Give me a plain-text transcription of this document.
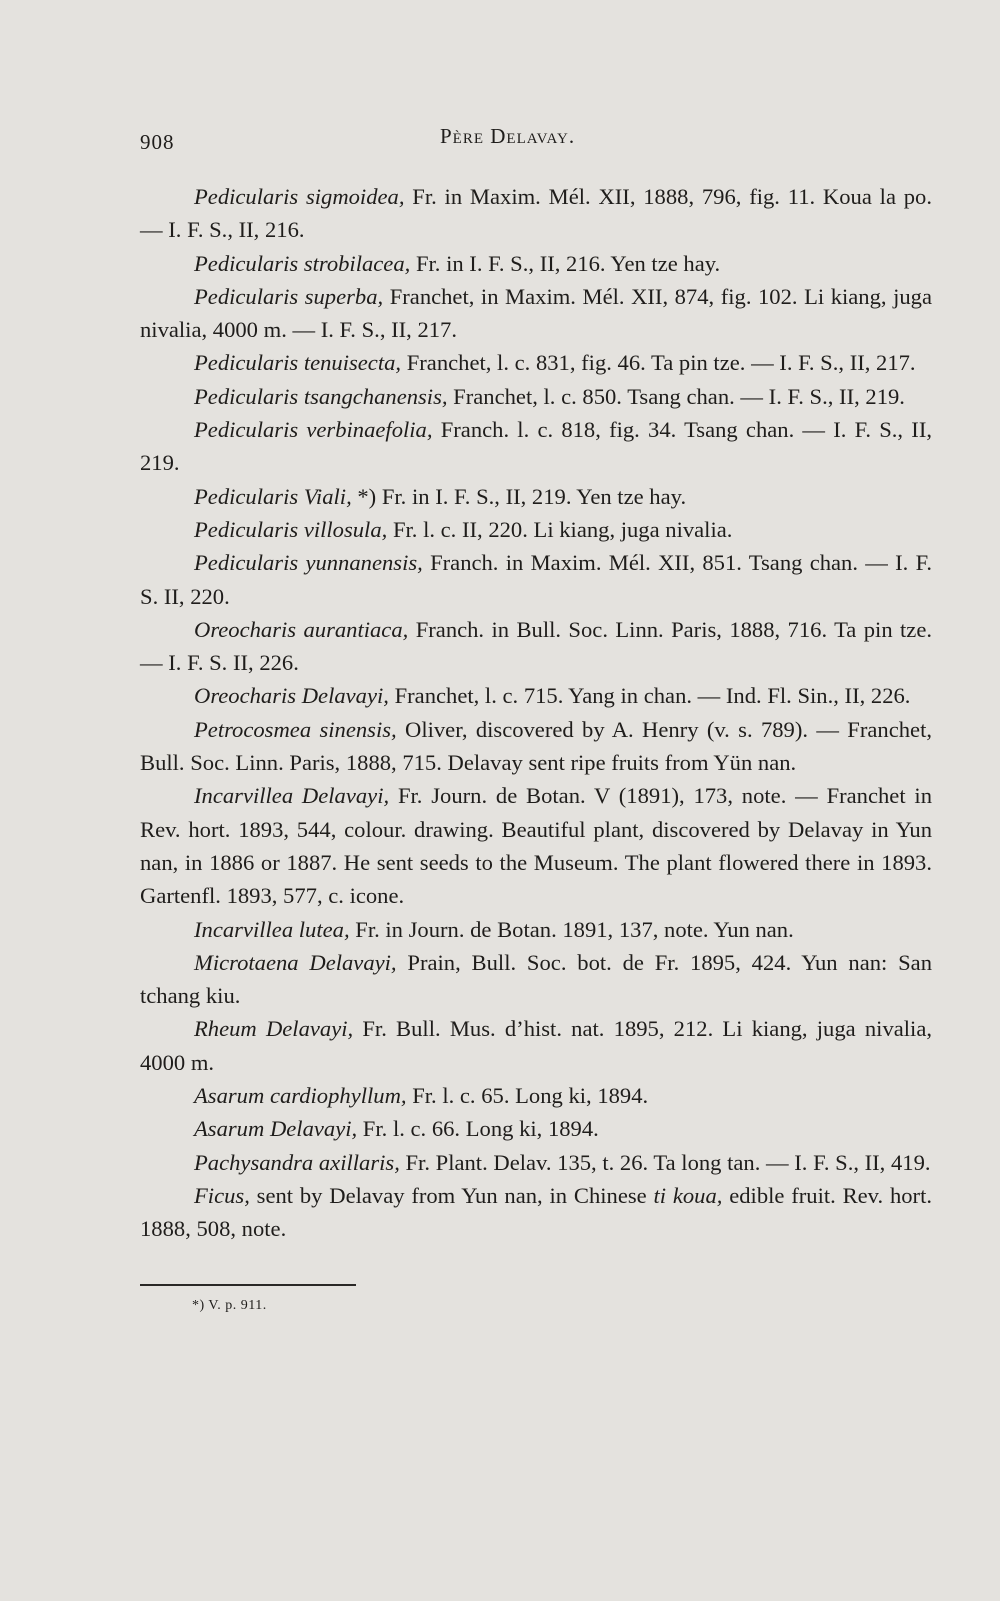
908	Père Delavay.

Pedicularis sigmoidea, Fr. in Maxim. Mél. XII, 1888, 796, fig. 11. Koua la po. — I. F. S., II, 216.

Pedicularis strobilacea, Fr. in I. F. S., II, 216. Yen tze hay.

Pedicularis superba, Franchet, in Maxim. Mél. XII, 874, fig. 102. Li kiang, juga nivalia, 4000 m. — I. F. S., II, 217.

Pedicularis tenuisecta, Franchet, l. c. 831, fig. 46. Ta pin tze. — I. F. S., II, 217.

Pedicularis tsangchanensis, Franchet, l. c. 850. Tsang chan. — I. F. S., II, 219.

Pedicularis verbinaefolia, Franch. l. c. 818, fig. 34. Tsang chan. — I. F. S., II, 219.

Pedicularis Viali, *) Fr. in I. F. S., II, 219. Yen tze hay.

Pedicularis villosula, Fr. l. c. II, 220. Li kiang, juga nivalia.

Pedicularis yunnanensis, Franch. in Maxim. Mél. XII, 851. Tsang chan. — I. F. S. II, 220.

Oreocharis aurantiaca, Franch. in Bull. Soc. Linn. Paris, 1888, 716. Ta pin tze. — I. F. S. II, 226.

Oreocharis Delavayi, Franchet, l. c. 715. Yang in chan. — Ind. Fl. Sin., II, 226.

Petrocosmea sinensis, Oliver, discovered by A. Henry (v. s. 789). — Franchet, Bull. Soc. Linn. Paris, 1888, 715. Delavay sent ripe fruits from Yün nan.

Incarvillea Delavayi, Fr. Journ. de Botan. V (1891), 173, note. — Franchet in Rev. hort. 1893, 544, colour. drawing. Beautiful plant, discovered by Delavay in Yun nan, in 1886 or 1887. He sent seeds to the Museum. The plant flowered there in 1893. Gartenfl. 1893, 577, c. icone.

Incarvillea lutea, Fr. in Journ. de Botan. 1891, 137, note. Yun nan.

Microtaena Delavayi, Prain, Bull. Soc. bot. de Fr. 1895, 424. Yun nan: San tchang kiu.

Rheum Delavayi, Fr. Bull. Mus. d’hist. nat. 1895, 212. Li kiang, juga nivalia, 4000 m.

Asarum cardiophyllum, Fr. l. c. 65. Long ki, 1894.

Asarum Delavayi, Fr. l. c. 66. Long ki, 1894.

Pachysandra axillaris, Fr. Plant. Delav. 135, t. 26. Ta long tan. — I. F. S., II, 419.

Ficus, sent by Delavay from Yun nan, in Chinese ti koua, edible fruit. Rev. hort. 1888, 508, note.

*) V. p. 911.
